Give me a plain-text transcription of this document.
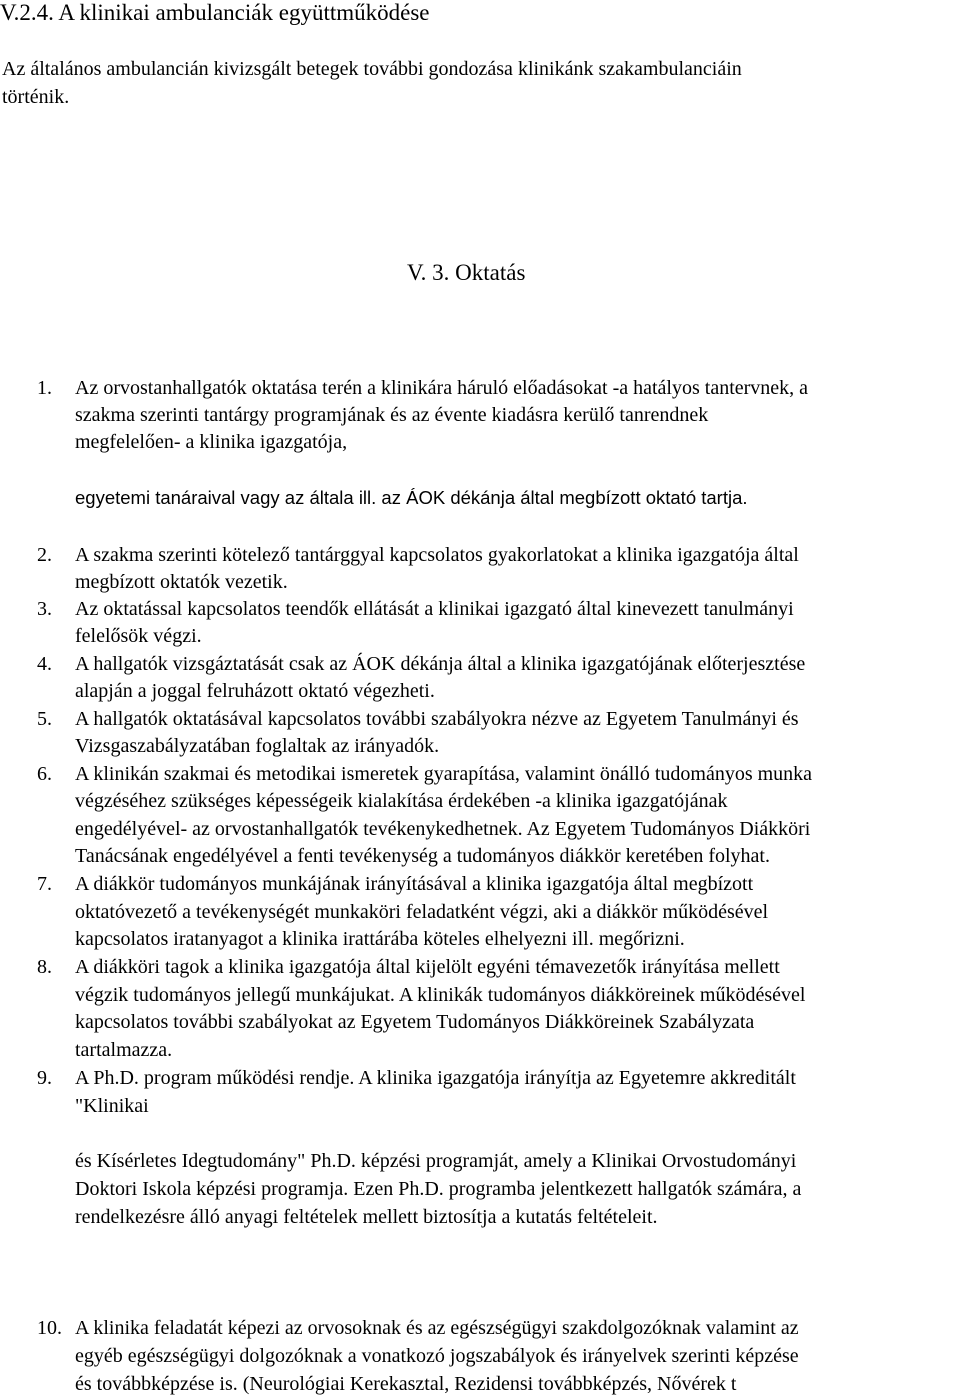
V.2.4. A klinikai ambulanciák együttműködése
Az általános ambulancián kivizsgált betegek további gondozása klinikánk szakambulanciáin
történik.
V. 3. Oktatás
1. Az orvostanhallgatók oktatása terén a klinikára háruló előadásokat -a hatályos tantervnek, a
szakma szerinti tantárgy programjának és az évente kiadásra kerülő tanrendnek
megfelelően- a klinika igazgatója,
egyetemi tanáraival vagy az általa ill. az ÁOK dékánja által megbízott oktató tartja.
2. A szakma szerinti kötelező tantárggyal kapcsolatos gyakorlatokat a klinika igazgatója által
megbízott oktatók vezetik.
3. Az oktatással kapcsolatos teendők ellátását a klinikai igazgató által kinevezett tanulmányi
felelősök végzi.
4. A hallgatók vizsgáztatását csak az ÁOK dékánja által a klinika igazgatójának előterjesztése
alapján a joggal felruházott oktató végezheti.
5. A hallgatók oktatásával kapcsolatos további szabályokra nézve az Egyetem Tanulmányi és
Vizsgaszabályzatában foglaltak az irányadók.
6. A klinikán szakmai és metodikai ismeretek gyarapítása, valamint önálló tudományos munka
végzéséhez szükséges képességeik kialakítása érdekében -a klinika igazgatójának
engedélyével- az orvostanhallgatók tevékenykedhetnek. Az Egyetem Tudományos Diákköri
Tanácsának engedélyével a fenti tevékenység a tudományos diákkör keretében folyhat.
7. A diákkör tudományos munkájának irányításával a klinika igazgatója által megbízott
oktatóvezető a tevékenységét munkaköri feladatként végzi, aki a diákkör működésével
kapcsolatos iratanyagot a klinika irattárába köteles elhelyezni ill. megőrizni.
8. A diákköri tagok a klinika igazgatója által kijelölt egyéni témavezetők irányítása mellett
végzik tudományos jellegű munkájukat. A klinikák tudományos diákköreinek működésével
kapcsolatos további szabályokat az Egyetem Tudományos Diákköreinek Szabályzata
tartalmazza.
9. A Ph.D. program működési rendje. A klinika igazgatója irányítja az Egyetemre akkreditált
"Klinikai
és Kísérletes Idegtudomány" Ph.D. képzési programját, amely a Klinikai Orvostudományi
Doktori Iskola képzési programja. Ezen Ph.D. programba jelentkezett hallgatók számára, a
rendelkezésre álló anyagi feltételek mellett biztosítja a kutatás feltételeit.
10. A klinika feladatát képezi az orvosoknak és az egészségügyi szakdolgozóknak valamint az
egyéb egészségügyi dolgozóknak a vonatkozó jogszabályok és irányelvek szerinti képzése
és továbbképzése is. (Neurológiai Kerekasztal, Rezidensi továbbképzés, Nővérek t
